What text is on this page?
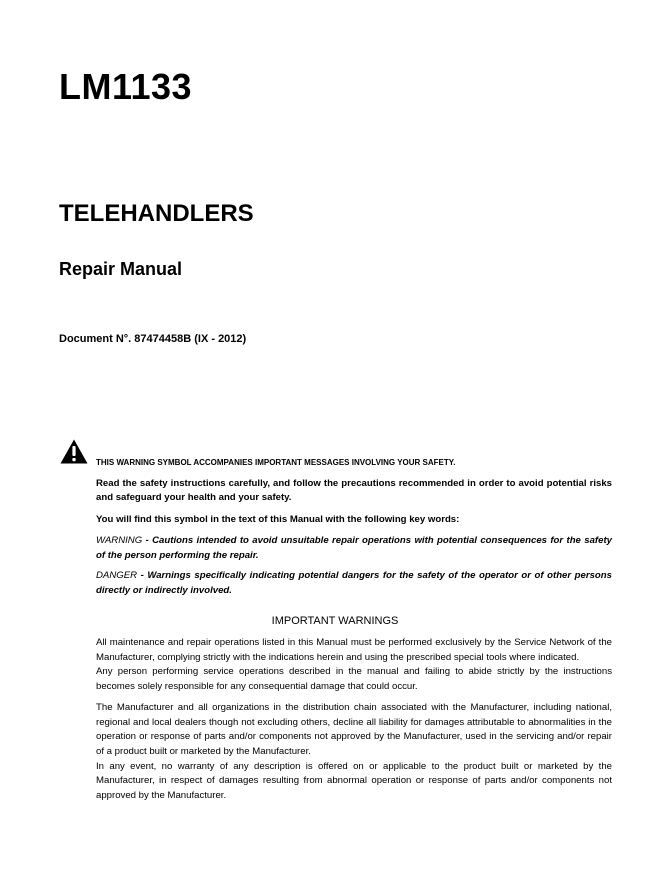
LM1133
TELEHANDLERS
Repair Manual
Document N°. 87474458B (IX - 2012)

THIS WARNING SYMBOL ACCOMPANIES IMPORTANT MESSAGES INVOLVING YOUR SAFETY.

Read the safety instructions carefully, and follow the precautions recommended in order to avoid potential risks and safeguard your health and your safety.

You will find this symbol in the text of this Manual with the following key words:

WARNING - Cautions intended to avoid unsuitable repair operations with potential consequences for the safety of the person performing the repair.

DANGER - Warnings specifically indicating potential dangers for the safety of the operator or of other persons directly or indirectly involved.

IMPORTANT WARNINGS

All maintenance and repair operations listed in this Manual must be performed exclusively by the Service Network of the Manufacturer, complying strictly with the indications herein and using the prescribed special tools where indicated.

Any person performing service operations described in the manual and failing to abide strictly by the instructions becomes solely responsible for any consequential damage that could occur.

The Manufacturer and all organizations in the distribution chain associated with the Manufacturer, including national, regional and local dealers though not excluding others, decline all liability for damages attributable to abnormalities in the operation or response of parts and/or components not approved by the Manufacturer, used in the servicing and/or repair of a product built or marketed by the Manufacturer.

In any event, no warranty of any description is offered on or applicable to the product built or marketed by the Manufacturer, in respect of damages resulting from abnormal operation or response of parts and/or components not approved by the Manufacturer.
